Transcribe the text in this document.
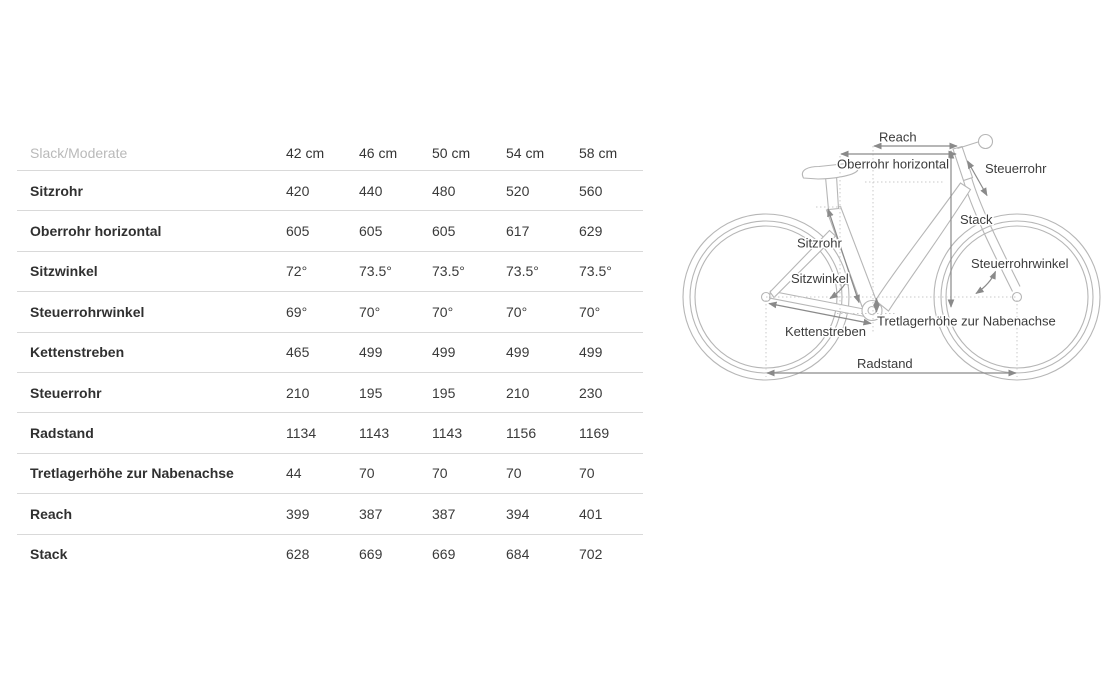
Slack/Moderate	42 cm	46 cm	50 cm	54 cm	58 cm
Sitzrohr	420	440	480	520	560
Oberrohr horizontal	605	605	605	617	629
Sitzwinkel	72°	73.5°	73.5°	73.5°	73.5°
Steuerrohrwinkel	69°	70°	70°	70°	70°
Kettenstreben	465	499	499	499	499
Steuerrohr	210	195	195	210	230
Radstand	1134	1143	1143	1156	1169
Tretlagerhöhe zur Nabenachse	44	70	70	70	70
Reach	399	387	387	394	401
Stack	628	669	669	684	702
Reach
Oberrohr horizontal	Steuerrohr
Stack
Sitzrohr
Sitzwinkel
Steuerrohrwinkel
Tretlagerhöhe zur Nabenachse
Kettenstreben
Radstand
